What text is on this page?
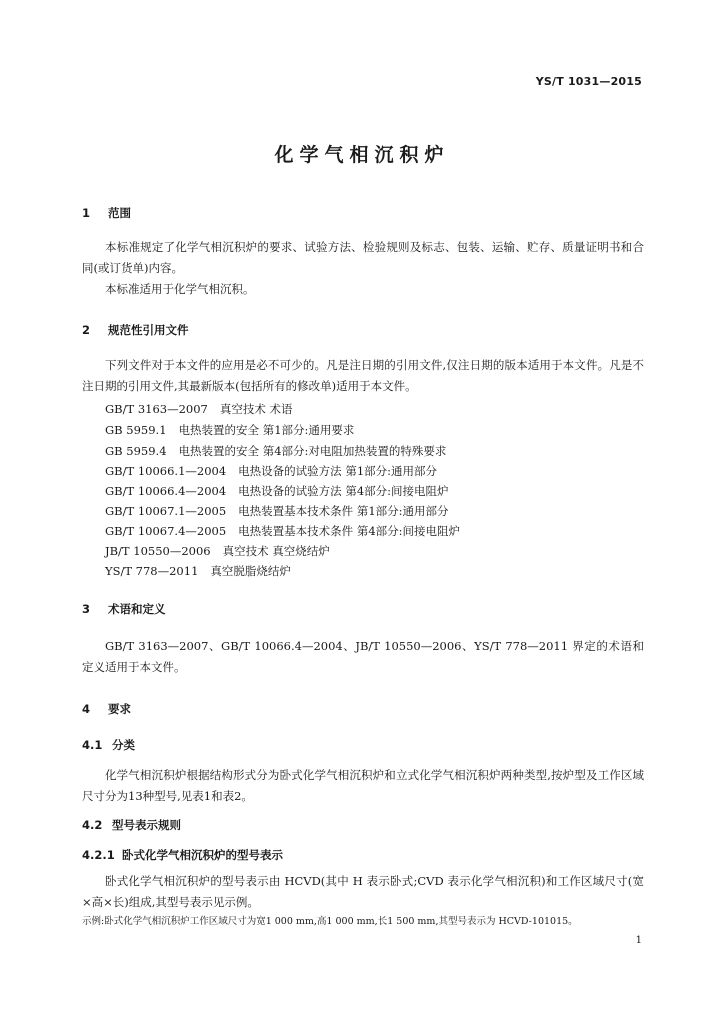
YS/T 1031—2015
化学气相沉积炉
1 范围

本标准规定了化学气相沉积炉的要求、试验方法、检验规则及标志、包装、运输、贮存、质量证明书和合同(或订货单)内容。

本标准适用于化学气相沉积。

2 规范性引用文件

下列文件对于本文件的应用是必不可少的。凡是注日期的引用文件,仅注日期的版本适用于本文件。凡是不注日期的引用文件,其最新版本(包括所有的修改单)适用于本文件。

GB/T 3163—2007 真空技术 术语
GB 5959.1 电热装置的安全 第1部分:通用要求
GB 5959.4 电热装置的安全 第4部分:对电阻加热装置的特殊要求
GB/T 10066.1—2004 电热设备的试验方法 第1部分:通用部分
GB/T 10066.4—2004 电热设备的试验方法 第4部分:间接电阻炉
GB/T 10067.1—2005 电热装置基本技术条件 第1部分:通用部分
GB/T 10067.4—2005 电热装置基本技术条件 第4部分:间接电阻炉
JB/T 10550—2006 真空技术 真空烧结炉
YS/T 778—2011 真空脱脂烧结炉
3 术语和定义

GB/T 3163—2007、GB/T 10066.4—2004、JB/T 10550—2006、YS/T 778—2011 界定的术语和定义适用于本文件。

4 要求
4.1 分类

化学气相沉积炉根据结构形式分为卧式化学气相沉积炉和立式化学气相沉积炉两种类型,按炉型及工作区域尺寸分为13种型号,见表1和表2。

4.2 型号表示规则
4.2.1 卧式化学气相沉积炉的型号表示

卧式化学气相沉积炉的型号表示由 HCVD(其中 H 表示卧式;CVD 表示化学气相沉积)和工作区域尺寸(宽×高×长)组成,其型号表示见示例。

示例:卧式化学气相沉积炉工作区域尺寸为宽1 000 mm,高1 000 mm,长1 500 mm,其型号表示为 HCVD-101015。
1
